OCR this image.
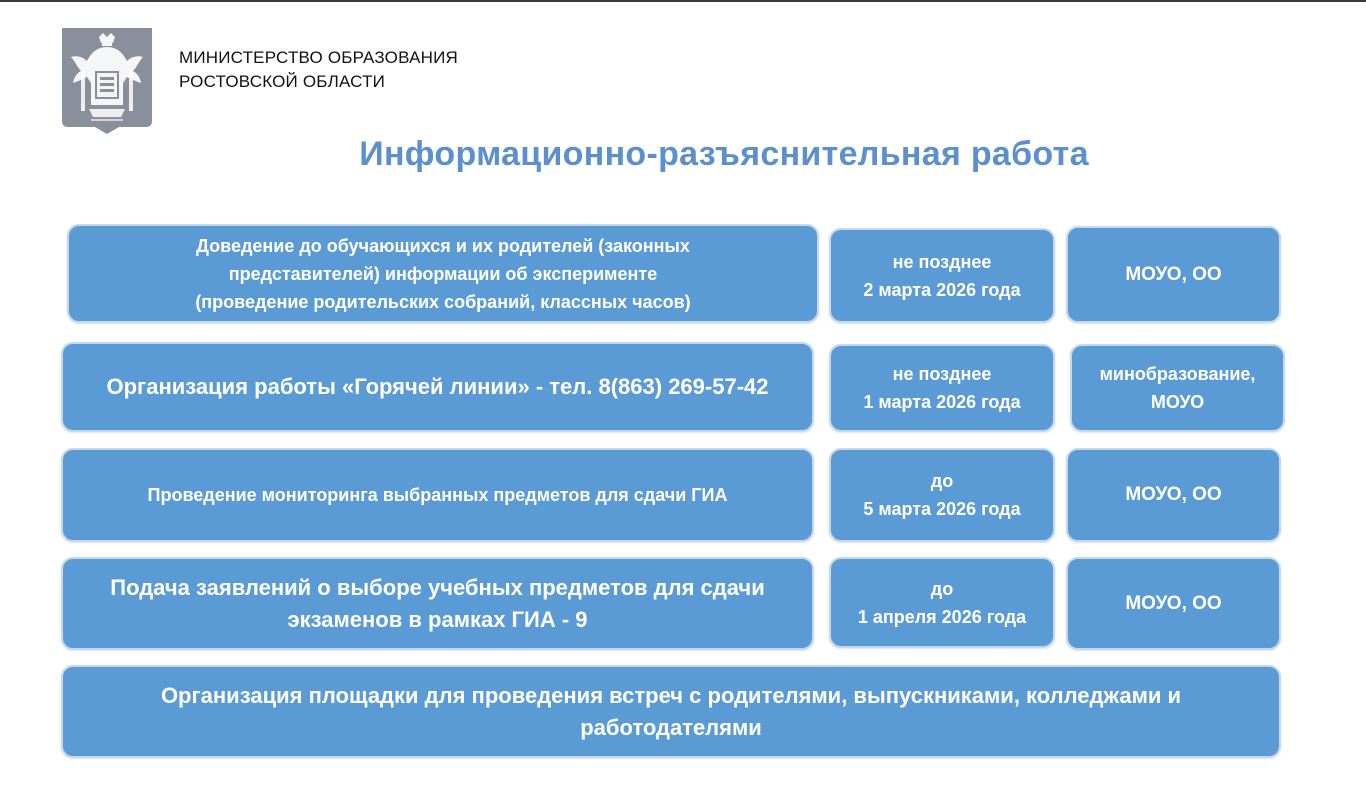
МИНИСТЕРСТВО ОБРАЗОВАНИЯ
РОСТОВСКОЙ ОБЛАСТИ
Информационно-разъяснительная работа
Доведение до обучающихся и их родителей (законных
представителей) информации об эксперименте
(проведение родительских собраний, классных часов)
не позднее
2 марта 2026 года
МОУО, ОО
Организация работы «Горячей линии» - тел. 8(863) 269-57-42	не позднее
1 марта 2026 года
минобразование,
МОУО
Проведение мониторинга выбранных предметов для сдачи ГИА
до
5 марта 2026 года
МОУО, ОО
Подача заявлений о выборе учебных предметов для сдачи
экзаменов в рамках ГИА - 9
до
1 апреля 2026 года
МОУО, ОО
Организация площадки для проведения встреч с родителями, выпускниками, колледжами и
работодателями
